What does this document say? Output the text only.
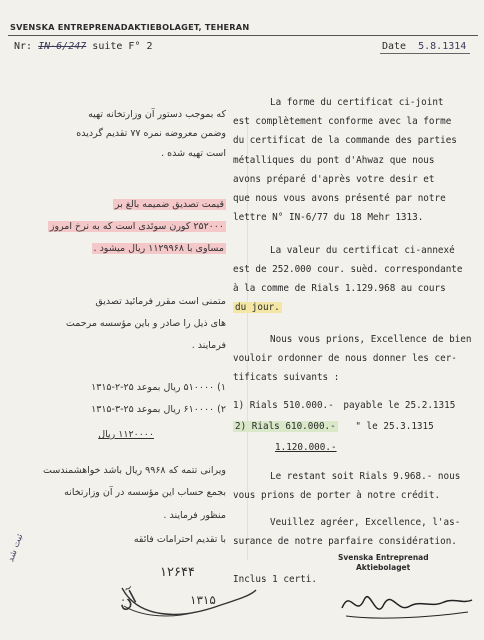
SVENSKA ENTREPRENADAKTIEBOLAGET, TEHERAN
Nr: IN-6/247 suite F° 2	Date 5.8.1314
که بموجب دستور آن وزارتخانه تهیه
وضمن معروضه نمره ۷۷ تقدیم گردیده
است تهیه شده .
قیمت تصدیق ضمیمه بالغ بر
۲۵۲۰۰۰ کورن سوئدی است که به نرخ امروز
مساوی با ۱۱۲۹۹۶۸ ریال میشود .
متمنی است مقرر فرمائید تصدیق
های ذیل را صادر و باین مؤسسه مرحمت
فرمایند .
۱) ۵۱۰۰۰۰ ریال بموعد ۲۵-۲-۱۳۱۵
۲) ۶۱۰۰۰۰ ریال بموعد ۲۵-۳-۱۳۱۵
۱۱۲۰۰۰۰ ریال
ویرانی تتمه که ۹۹۶۸ ریال باشد خواهشمندست
بجمع حساب این مؤسسه در آن وزارتخانه
منظور فرمایند .
با تقدیم احترامات فائقه
ثبت شد
۱۲۶۴۴
آن	۱۳۱۵
La forme du certificat ci-joint
est complètement conforme avec la forme
du certificat de la commande des parties
métalliques du pont d'Ahwaz que nous
avons préparé d'après votre desir et
que nous vous avons présenté par notre
lettre N° IN-6/77 du 18 Mehr 1313.
La valeur du certificat ci-annexé
est de 252.000 cour. suèd. correspondante
à la comme de Rials 1.129.968 au cours
du jour.
Nous vous prions, Excellence de bien
vouloir ordonner de nous donner les cer-
tificats suivants :
1) Rials 510.000.- payable le 25.2.1315
2) Rials 610.000.- " le 25.3.1315
1.120.000.-
Le restant soit Rials 9.968.- nous
vous prions de porter à notre crédit.
Veuillez agréer, Excellence, l'as-
surance de notre parfaire considération.
Svenska Entreprenad
Aktiebolaget
Inclus 1 certi.
